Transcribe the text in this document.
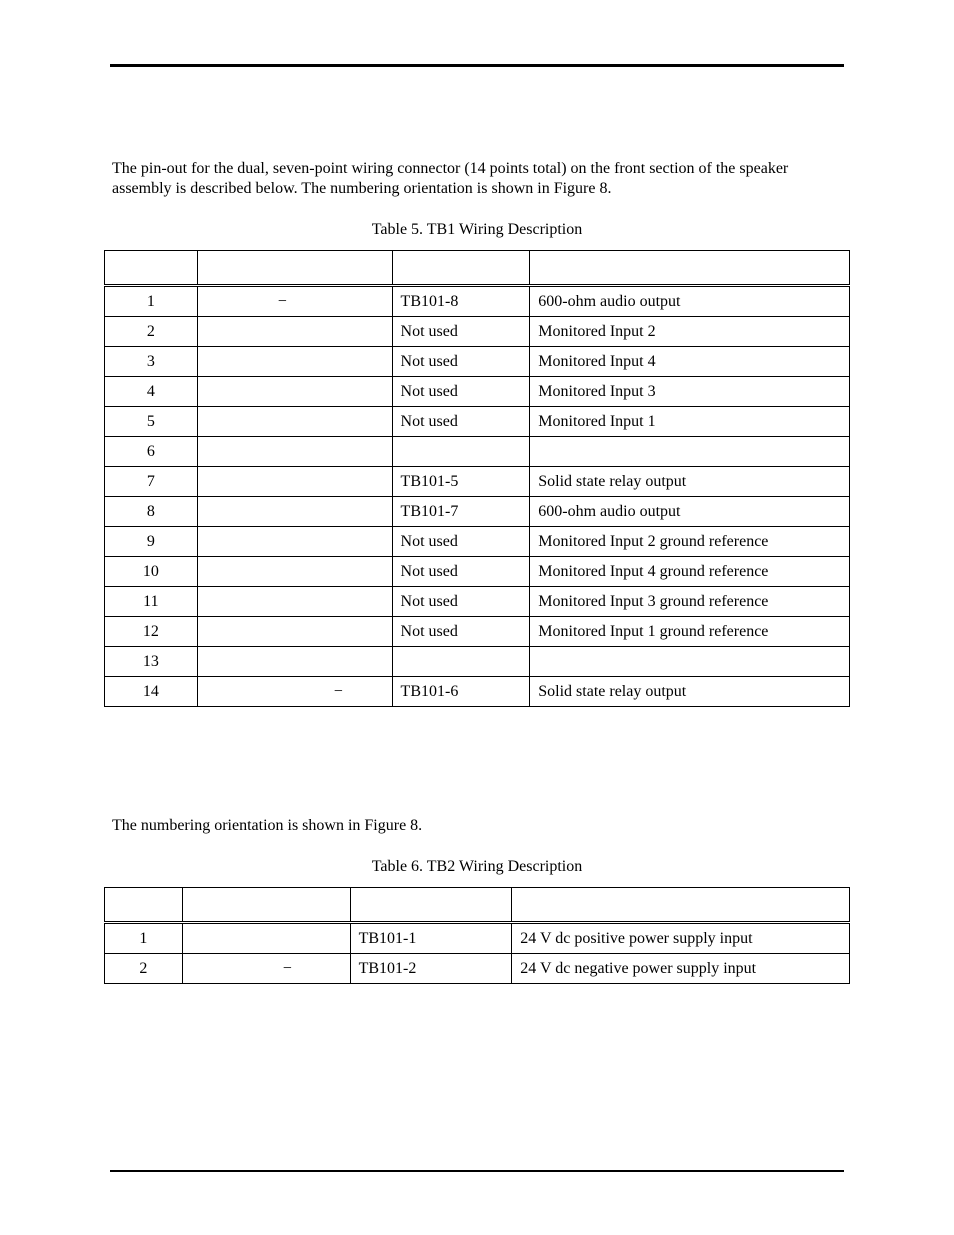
The pin-out for the dual, seven-point wiring connector (14 points total) on the front section of the speaker
assembly is described below. The numbering orientation is shown in Figure 8.

Table 5. TB1 Wiring Description

1	−	TB101-8	600-ohm audio output
2		Not used	Monitored Input 2
3		Not used	Monitored Input 4
4		Not used	Monitored Input 3
5		Not used	Monitored Input 1
6			
7		TB101-5	Solid state relay output
8		TB101-7	600-ohm audio output
9		Not used	Monitored Input 2 ground reference
10		Not used	Monitored Input 4 ground reference
11		Not used	Monitored Input 3 ground reference
12		Not used	Monitored Input 1 ground reference
13			
14	−	TB101-6	Solid state relay output

The numbering orientation is shown in Figure 8.

Table 6. TB2 Wiring Description

1		TB101-1	24 V dc positive power supply input
2	−	TB101-2	24 V dc negative power supply input
